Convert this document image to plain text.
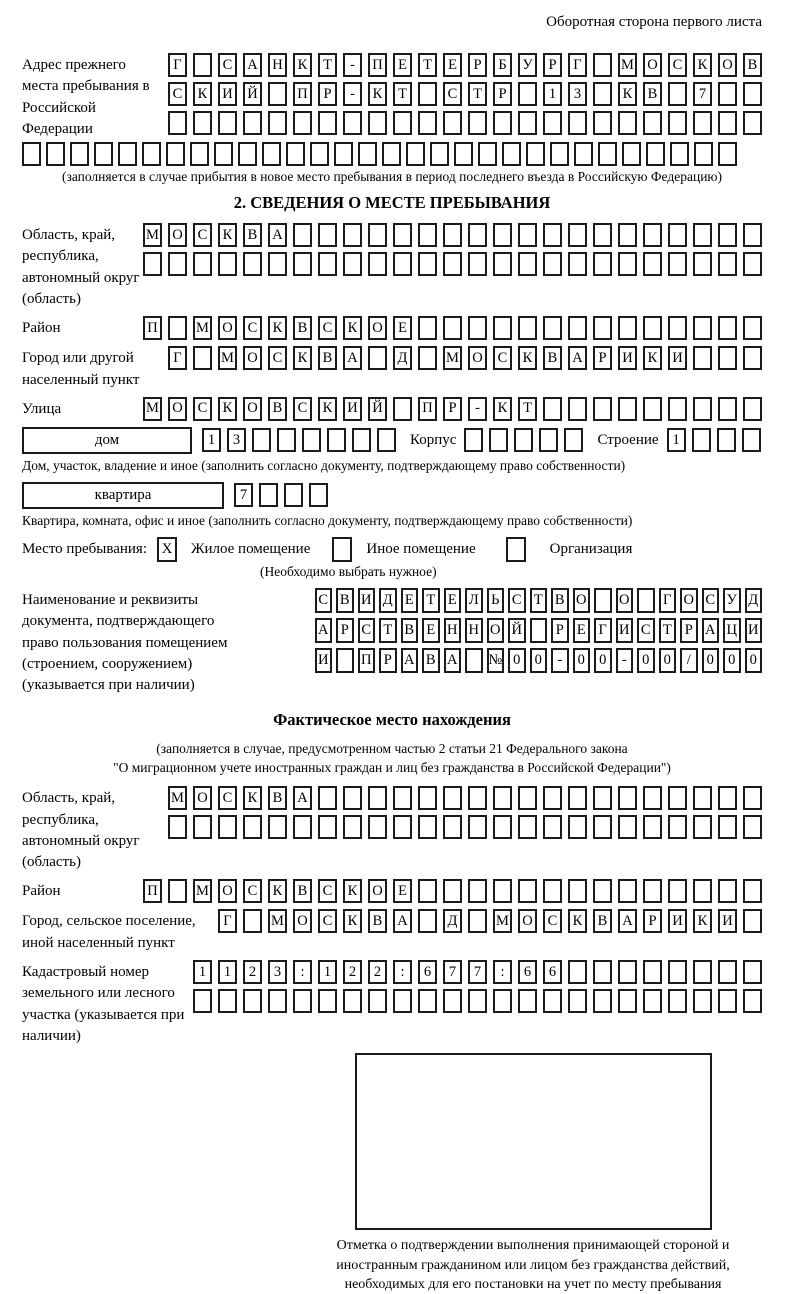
Оборотная сторона первого листа
Адрес прежнего места пребывания в Российской Федерации
Г	С	А Н	К	Т	-	П	Е	Т	Е	Р	Б	У	Р	Г	М О	С	К	О	В
С	К	И Й	П	Р	-	К	Т	С	Т	Р	1	3	К	В	7
(заполняется в случае прибытия в новое место пребывания в период последнего въезда в Российскую Федерацию)
2. СВЕДЕНИЯ О МЕСТЕ ПРЕБЫВАНИЯ
Область, край, республика, автономный округ (область)
М О	С	К	В	А
Район	П	М О	С	К	В	С	К	О	Е
Город или другой населенный пункт
Г	М О	С	К	В	А	Д	М О	С	К	В	А	Р	И	К	И
Улица	М О	С	К	О	В	С	К	И Й	П	Р	-	К	Т
дом	1	3	Корпус	Строение 1
Дом, участок, владение и иное (заполнить согласно документу, подтверждающему право собственности)
квартира	7
Квартира, комната, офис и иное (заполнить согласно документу, подтверждающему право собственности)
Место пребывания: X	Жилое помещение	Иное помещение	Организация
(Необходимо выбрать нужное)
Наименование и реквизиты документа, подтверждающего право пользования помещением (строением, сооружением) (указывается при наличии)
С В И Д Е Т Е Л Ь С Т В О О	Г О С У Д
А Р С Т В Е Н Н О Й	Р Е Г И С Т Р А Ц И
И П Р А В А № 0 0	-	0 0	-	0 0	/	0 0 0
Фактическое место нахождения
(заполняется в случае, предусмотренном частью 2 статьи 21 Федерального закона
"О миграционном учете иностранных граждан и лиц без гражданства в Российской Федерации")
Область, край, республика, автономный округ (область)
М О	С	К	В	А
Район	П	М О	С	К	В	С	К	О	Е
Город, сельское поселение, иной населенный пункт
Г	М О	С	К	В	А	Д	М О	С	К	В	А	Р	И	К	И
Кадастровый номер земельного или лесного участка (указывается при наличии)
1	1	2	3	:	1	2	2	:	6	7	7	:	6	6
Отметка о подтверждении выполнения принимающей стороной и иностранным гражданином или лицом без гражданства действий, необходимых для его постановки на учет по месту пребывания
